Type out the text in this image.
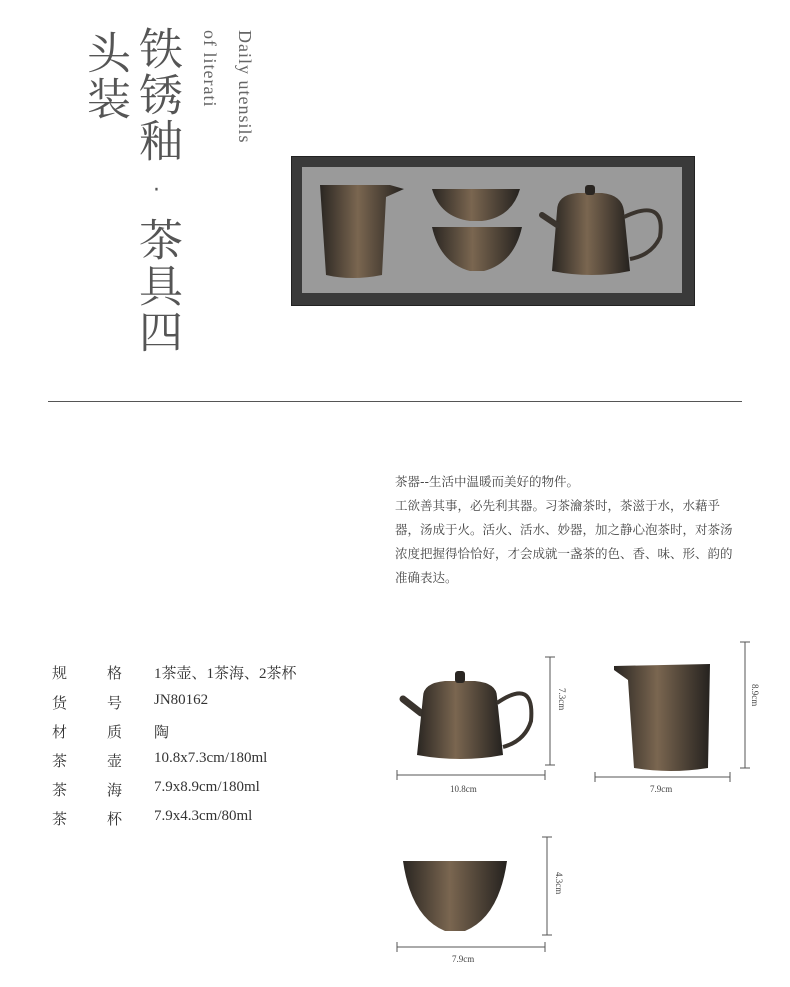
铁锈釉·茶具四
头装	Daily utensils
of literati

茶器--生活中温暖而美好的物件。

工欲善其事，必先利其器。习茶瀹茶时，茶滋于水，水藉乎器，汤成于火。活火、活水、妙器，加之静心泡茶时，对茶汤浓度把握得恰恰好，才会成就一盏茶的色、香、味、形、韵的准确表达。

规	格 1茶壶、1茶海、2茶杯
货	号 JN80162
材	质 陶
茶	壶 10.8x7.3cm/180ml
茶	海 7.9x8.9cm/180ml
茶	杯 7.9x4.3cm/80ml
10.8cm
7.3cm
7.9cm
8.9cm
7.9cm
4.3cm
